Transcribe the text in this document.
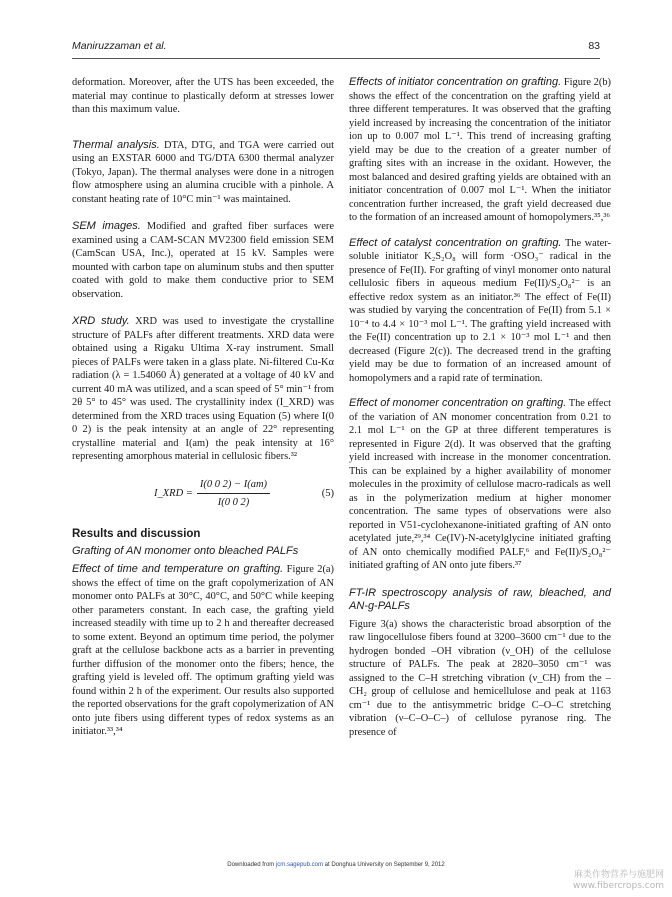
Maniruzzaman et al.	83

deformation. Moreover, after the UTS has been exceeded, the material may continue to plastically deform at stresses lower than this maximum value.

Thermal analysis. DTA, DTG, and TGA were carried out using an EXSTAR 6000 and TG/DTA 6300 thermal analyzer (Tokyo, Japan). The thermal analyses were done in a nitrogen flow atmosphere using an alumina crucible with a pinhole. A constant heating rate of 10°C min⁻¹ was maintained.

SEM images. Modified and grafted fiber surfaces were examined using a CAM-SCAN MV2300 field emission SEM (CamScan USA, Inc.), operated at 15 kV. Samples were mounted with carbon tape on aluminum stubs and then sputter coated with gold to make them conductive prior to SEM observation.

XRD study. XRD was used to investigate the crystalline structure of PALFs after different treatments. XRD data were obtained using a Rigaku Ultima X-ray instrument. Small pieces of PALFs were taken in a glass plate. Ni-filtered Cu-Kα radiation (λ = 1.54060 Å) generated at a voltage of 40 kV and current 40 mA was utilized, and a scan speed of 5° min⁻¹ from 2θ 5° to 45° was used. The crystallinity index (I_XRD) was determined from the XRD traces using Equation (5) where I(0 0 2) is the peak intensity at an angle of 22° representing crystalline material and I(am) the peak intensity at 16° representing amorphous material in cellulosic fibers.³²

I_XRD = $\frac{I(0 0 2) - I(am)}{I(0 0 2)}$	(5)
Results and discussion
Grafting of AN monomer onto bleached PALFs

Effect of time and temperature on grafting. Figure 2(a) shows the effect of time on the graft copolymerization of AN monomer onto PALFs at 30°C, 40°C, and 50°C while keeping other parameters constant. In each case, the grafting yield increased steadily with time up to 2 h and thereafter decreased to some extent. Beyond an optimum time period, the polymer graft at the cellulose backbone acts as a barrier in preventing further diffusion of the monomer onto the fibers; hence, the grafting yield is leveled off. The optimum grafting yield was found within 2 h of the experiment. Our results also supported the reported observations for the graft copolymerization of AN onto jute fibers using different types of redox systems as an initiator.³³,³⁴

Effects of initiator concentration on grafting. Figure 2(b) shows the effect of the concentration on the grafting yield at three different temperatures. It was observed that the grafting yield increased by increasing the concentration of the initiator ion up to 0.007 mol L⁻¹. This trend of increasing grafting yield may be due to the creation of a greater number of grafting sites with an increase in the oxidant. However, the most balanced and desired grafting yields are obtained with an initiator concentration of 0.007 mol L⁻¹. When the initiator concentration further increased, the graft yield decreased due to the formation of an increased amount of homopolymers.³⁵,³⁶

Effect of catalyst concentration on grafting. The water-soluble initiator K₂S₂O₈ will form ·OSO₃⁻ radical in the presence of Fe(II). For grafting of vinyl monomer onto natural cellulosic fibers in aqueous medium Fe(II)/S₂O₈²⁻ is an effective redox system as an initiator.³⁶ The effect of Fe(II) was studied by varying the concentration of Fe(II) from 5.1 × 10⁻⁴ to 4.4 × 10⁻³ mol L⁻¹. The grafting yield increased with the Fe(II) concentration up to 2.1 × 10⁻³ mol L⁻¹ and then decreased (Figure 2(c)). The decreased trend in the grafting yield may be due to formation of an increased amount of homopolymers and a rapid rate of termination.

Effect of monomer concentration on grafting. The effect of the variation of AN monomer concentration from 0.21 to 2.1 mol L⁻¹ on the GP at three different temperatures is represented in Figure 2(d). It was observed that the grafting yield increased with increase in the monomer concentration. This can be explained by a higher availability of monomer molecules in the proximity of cellulose macro-radicals as well as in the polymerization medium at higher monomer concentration. The same types of observations were also reported in V51-cyclohexanone-initiated grafting of AN onto acetylated jute,²⁹,³⁴ Ce(IV)-N-acetylglycine initiated grafting of AN onto chemically modified PALF,⁶ and Fe(II)/S₂O₈²⁻ initiated grafting of AN onto jute fibers.³⁷

FT-IR spectroscopy analysis of raw, bleached, and AN-g-PALFs

Figure 3(a) shows the characteristic broad absorption of the raw lingocellulose fibers found at 3200–3600 cm⁻¹ due to the hydrogen bonded –OH vibration (ν_OH) of the cellulose structure of PALFs. The peak at 2820–3050 cm⁻¹ was assigned to the C–H stretching vibration (ν_CH) from the –CH₂ group of cellulose and hemicellulose and peak at 1163 cm⁻¹ due to the antisymmetric bridge C–O–C stretching vibration (ν–C–O–C–) of cellulose pyranose ring. The presence of

Downloaded from jcm.sagepub.com at Donghua University on September 9, 2012
麻类作物营养与施肥网
www.fibercrops.com
